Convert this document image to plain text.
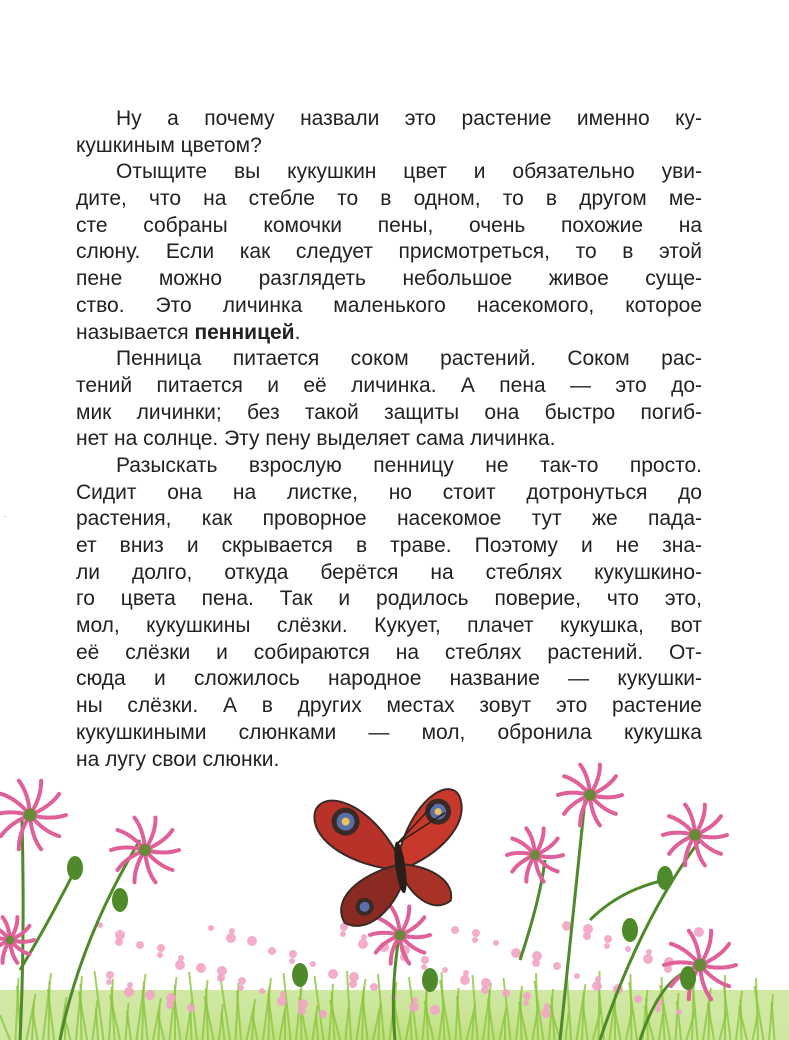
Ну а почему назвали это растение именно ку-
кушкиным цветом?
Отыщите вы кукушкин цвет и обязательно уви-
дите, что на стебле то в одном, то в другом ме-
сте собраны комочки пены, очень похожие на
слюну. Если как следует присмотреться, то в этой
пене можно разглядеть небольшое живое суще-
ство. Это личинка маленького насекомого, которое
называется пенницей.
Пенница питается соком растений. Соком рас-
тений питается и её личинка. А пена — это до-
мик личинки; без такой защиты она быстро погиб-
нет на солнце. Эту пену выделяет сама личинка.
Разыскать взрослую пенницу не так-то просто.
Сидит она на листке, но стоит дотронуться до
растения, как проворное насекомое тут же пада-
ет вниз и скрывается в траве. Поэтому и не зна-
ли долго, откуда берётся на стеблях кукушкино-
го цвета пена. Так и родилось поверие, что это,
мол, кукушкины слёзки. Кукует, плачет кукушка, вот
её слёзки и собираются на стеблях растений. От-
сюда и сложилось народное название — кукушки-
ны слёзки. А в других местах зовут это растение
кукушкиными слюнками — мол, обронила кукушка
на лугу свои слюнки.
·
